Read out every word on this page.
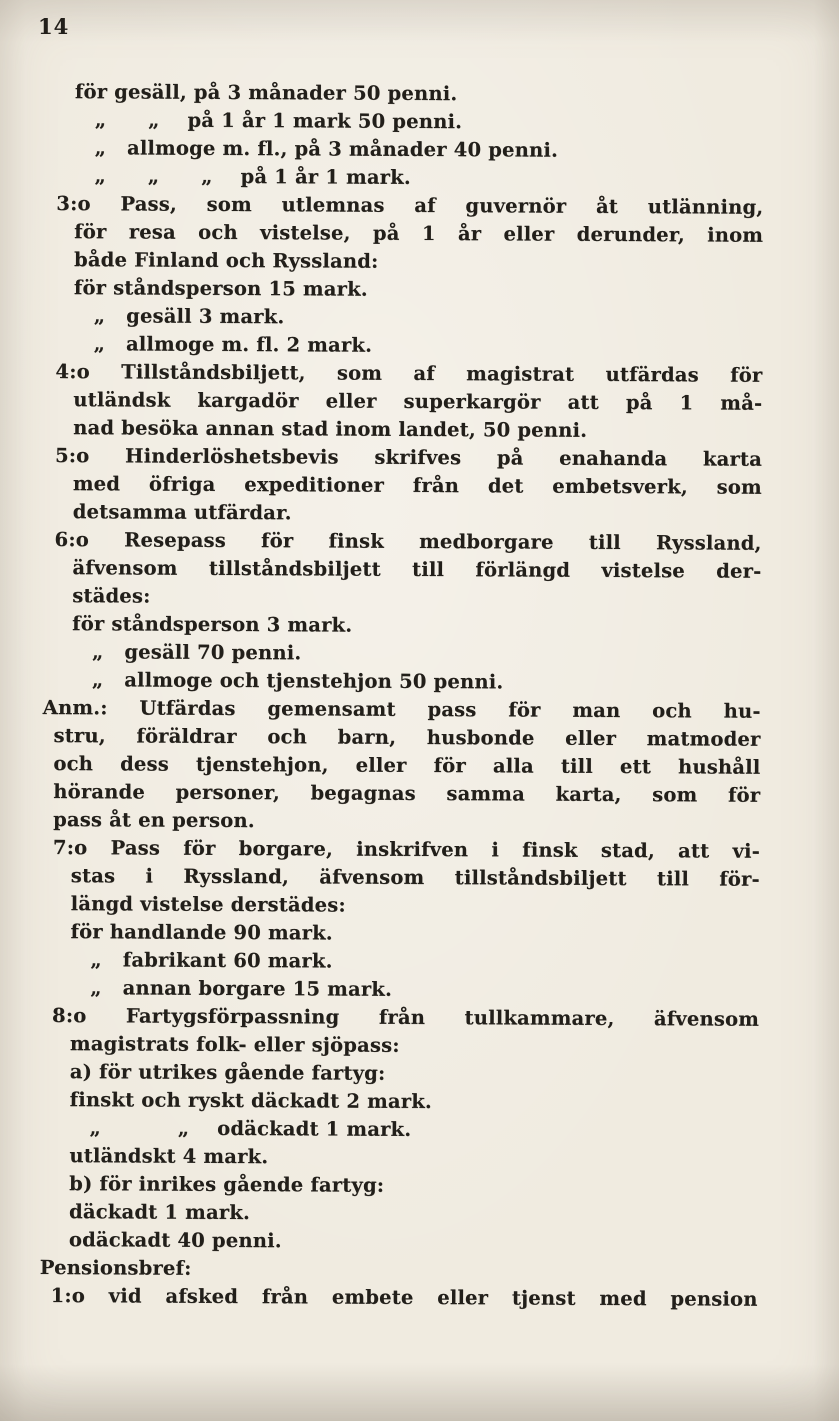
14
för gesäll, på 3 månader 50 penni.
„      „    på 1 år 1 mark 50 penni.
„   allmoge m. fl., på 3 månader 40 penni.
„      „      „    på 1 år 1 mark.
3:o Pass, som utlemnas af guvernör åt utlänning,
för resa och vistelse, på 1 år eller derunder, inom
både Finland och Ryssland:
för ståndsperson 15 mark.
„   gesäll 3 mark.
„   allmoge m. fl. 2 mark.
4:o Tillståndsbiljett, som af magistrat utfärdas för
utländsk kargadör eller superkargör att på 1 må-
nad besöka annan stad inom landet, 50 penni.
5:o Hinderlöshetsbevis skrifves på enahanda karta
med öfriga expeditioner från det embetsverk, som
detsamma utfärdar.
6:o Resepass för finsk medborgare till Ryssland,
äfvensom tillståndsbiljett till förlängd vistelse der-
städes:
för ståndsperson 3 mark.
„   gesäll 70 penni.
„   allmoge och tjenstehjon 50 penni.
Anm.: Utfärdas gemensamt pass för man och hu-
stru, föräldrar och barn, husbonde eller matmoder
och dess tjenstehjon, eller för alla till ett hushåll
hörande personer, begagnas samma karta, som för
pass åt en person.
7:o Pass för borgare, inskrifven i finsk stad, att vi-
stas i Ryssland, äfvensom tillståndsbiljett till för-
längd vistelse derstädes:
för handlande 90 mark.
„   fabrikant 60 mark.
„   annan borgare 15 mark.
8:o Fartygsförpassning från tullkammare, äfvensom
magistrats folk- eller sjöpass:
a) för utrikes gående fartyg:
finskt och ryskt däckadt 2 mark.
„           „    odäckadt 1 mark.
utländskt 4 mark.
b) för inrikes gående fartyg:
däckadt 1 mark.
odäckadt 40 penni.
Pensionsbref:
1:o vid afsked från embete eller tjenst med pension
